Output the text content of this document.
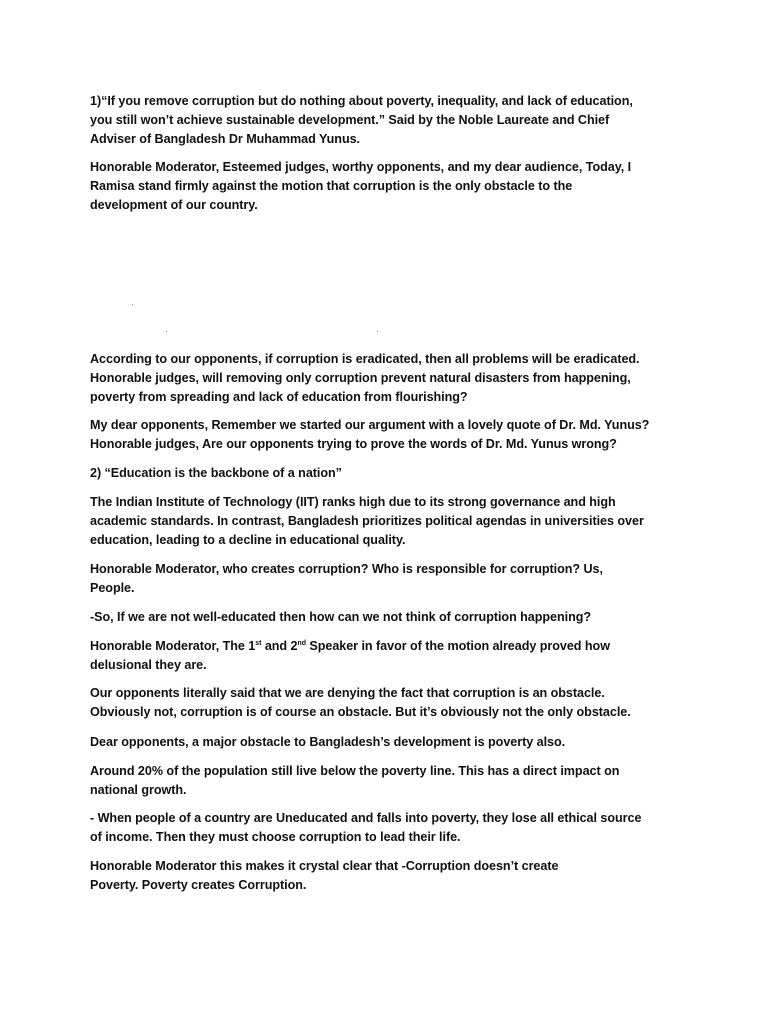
1)“If you remove corruption but do nothing about poverty, inequality, and lack of education,
you still won’t achieve sustainable development.” Said by the Noble Laureate and Chief
Adviser of Bangladesh Dr Muhammad Yunus.

Honorable Moderator, Esteemed judges, worthy opponents, and my dear audience, Today, I
Ramisa stand firmly against the motion that corruption is the only obstacle to the
development of our country.

According to our opponents, if corruption is eradicated, then all problems will be eradicated.
Honorable judges, will removing only corruption prevent natural disasters from happening,
poverty from spreading and lack of education from flourishing?

My dear opponents, Remember we started our argument with a lovely quote of Dr. Md. Yunus?
Honorable judges, Are our opponents trying to prove the words of Dr. Md. Yunus wrong?

2) “Education is the backbone of a nation”

The Indian Institute of Technology (IIT) ranks high due to its strong governance and high
academic standards. In contrast, Bangladesh prioritizes political agendas in universities over
education, leading to a decline in educational quality.

Honorable Moderator, who creates corruption? Who is responsible for corruption? Us,
People.

-So, If we are not well-educated then how can we not think of corruption happening?

Honorable Moderator, The 1st and 2nd Speaker in favor of the motion already proved how
delusional they are.

Our opponents literally said that we are denying the fact that corruption is an obstacle.
Obviously not, corruption is of course an obstacle. But it’s obviously not the only obstacle.

Dear opponents, a major obstacle to Bangladesh’s development is poverty also.

Around 20% of the population still live below the poverty line. This has a direct impact on
national growth.

- When people of a country are Uneducated and falls into poverty, they lose all ethical source
of income. Then they must choose corruption to lead their life.

Honorable Moderator this makes it crystal clear that -Corruption doesn’t create
Poverty. Poverty creates Corruption.
